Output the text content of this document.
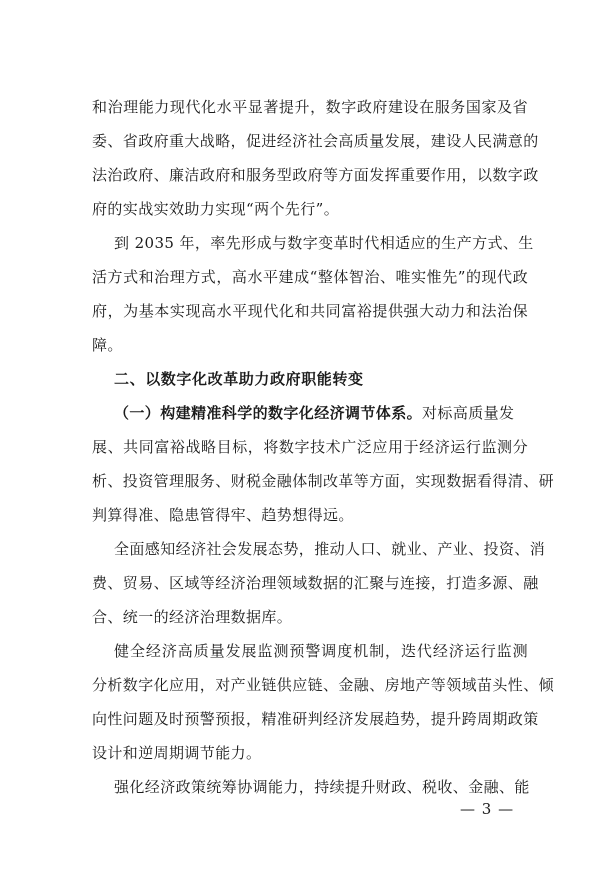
和治理能力现代化水平显著提升，数字政府建设在服务国家及省
委、省政府重大战略，促进经济社会高质量发展，建设人民满意的
法治政府、廉洁政府和服务型政府等方面发挥重要作用，以数字政
府的实战实效助力实现“两个先行”。
到 2035 年，率先形成与数字变革时代相适应的生产方式、生
活方式和治理方式，高水平建成“整体智治、唯实惟先”的现代政
府，为基本实现高水平现代化和共同富裕提供强大动力和法治保
障。
二、以数字化改革助力政府职能转变
（一）构建精准科学的数字化经济调节体系。对标高质量发
展、共同富裕战略目标，将数字技术广泛应用于经济运行监测分
析、投资管理服务、财税金融体制改革等方面，实现数据看得清、研
判算得准、隐患管得牢、趋势想得远。
全面感知经济社会发展态势，推动人口、就业、产业、投资、消
费、贸易、区域等经济治理领域数据的汇聚与连接，打造多源、融
合、统一的经济治理数据库。
健全经济高质量发展监测预警调度机制，迭代经济运行监测
分析数字化应用，对产业链供应链、金融、房地产等领域苗头性、倾
向性问题及时预警预报，精准研判经济发展趋势，提升跨周期政策
设计和逆周期调节能力。
强化经济政策统筹协调能力，持续提升财政、税收、金融、能
— 3 —
